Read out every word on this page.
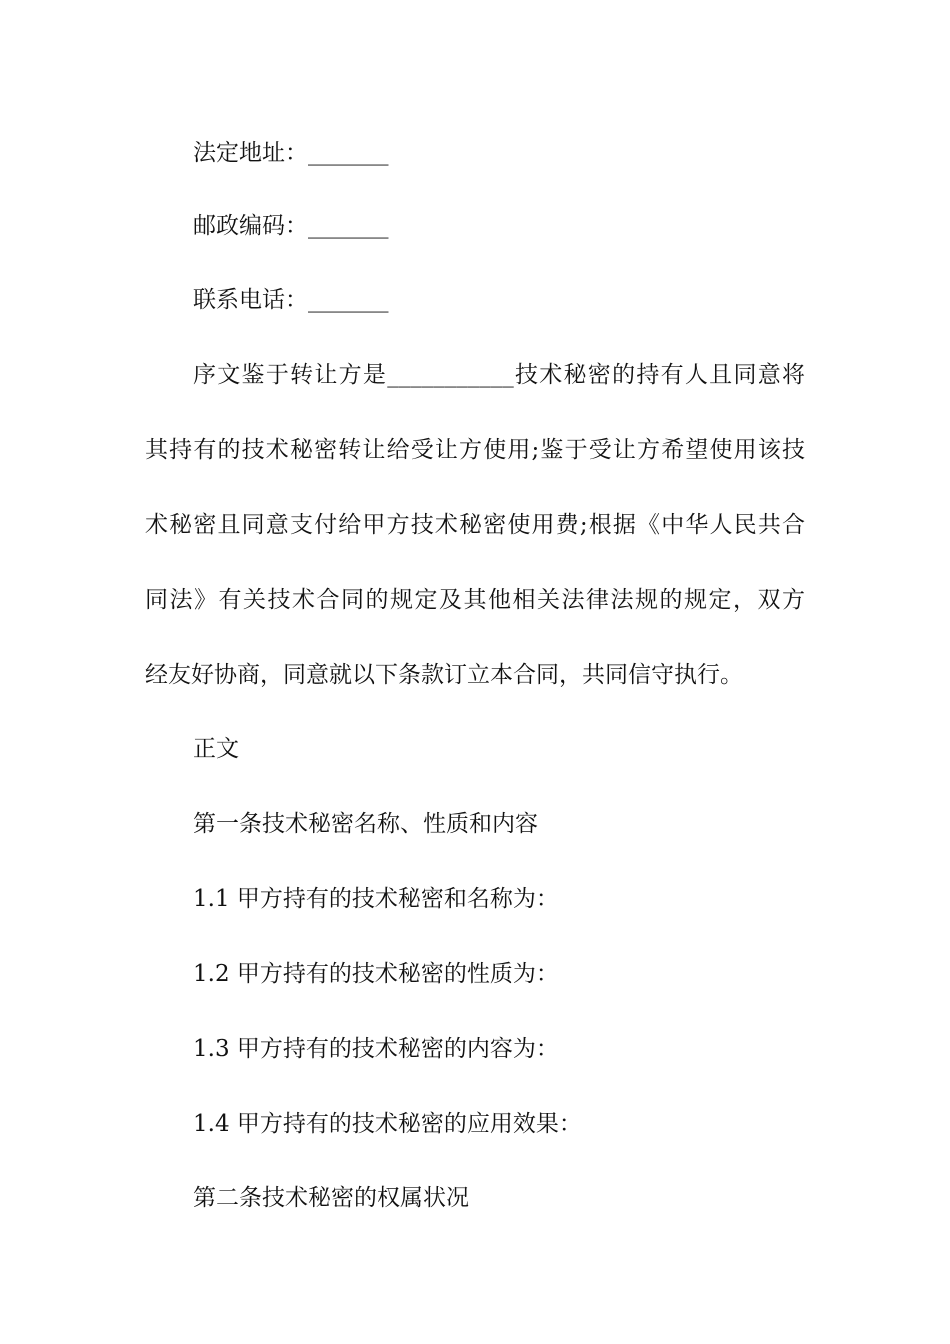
法定地址：_______
邮政编码：_______
联系电话：_______
序文鉴于转让方是___________技术秘密的持有人且同意将
其持有的技术秘密转让给受让方使用;鉴于受让方希望使用该技
术秘密且同意支付给甲方技术秘密使用费;根据《中华人民共合
同法》有关技术合同的规定及其他相关法律法规的规定，双方
经友好协商，同意就以下条款订立本合同，共同信守执行。
正文
第一条技术秘密名称、性质和内容
1.1 甲方持有的技术秘密和名称为：
1.2 甲方持有的技术秘密的性质为：
1.3 甲方持有的技术秘密的内容为：
1.4 甲方持有的技术秘密的应用效果：
第二条技术秘密的权属状况
